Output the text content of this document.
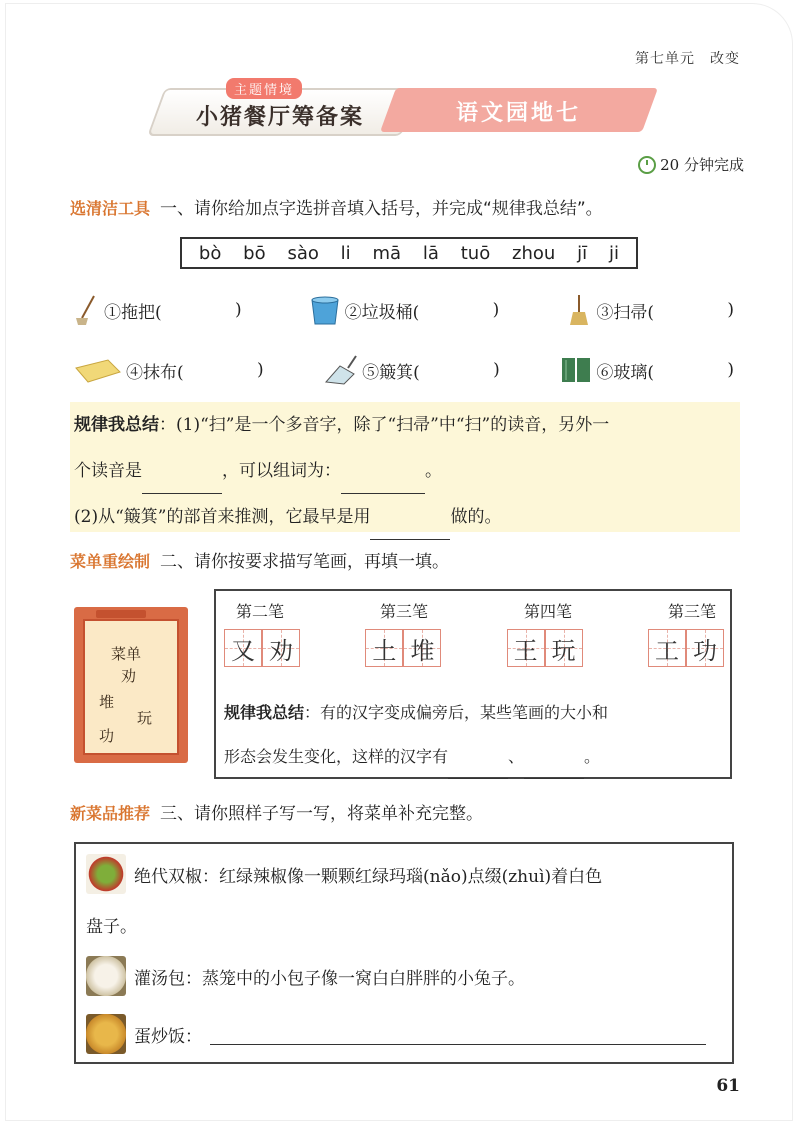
第七单元　改变
主题情境
小猪餐厅筹备案	语文园地七
20 分钟完成
选清洁工具 一、请你给加点字选拼音填入括号，并完成“规律我总结”。
bò bō sào li mā lā tuō zhou jī ji
①拖把(	)	②垃圾桶(	)	③扫帚(	)
④抹布(	)	⑤簸箕(	)	⑥玻璃(	)

规律我总结：(1)“扫”是一个多音字，除了“扫帚”中“扫”的读音，另外一

个读音是	，可以组词为：	。

(2)从“簸箕”的部首来推测，它最早是用	做的。

菜单重绘制 二、请你按要求描写笔画，再填一填。
菜单
劝
堆
玩
功
第二笔	第三笔	第四笔	第三笔
又 劝	土 堆	王 玩	工 功
规律我总结：有的汉字变成偏旁后，某些笔画的大小和
形态会发生变化，这样的汉字有	、	。
新菜品推荐 三、请你照样子写一写，将菜单补充完整。
绝代双椒：红绿辣椒像一颗颗红绿玛瑙(nǎo)点缀(zhuì)着白色
盘子。
灌汤包：蒸笼中的小包子像一窝白白胖胖的小兔子。
蛋炒饭：
61
